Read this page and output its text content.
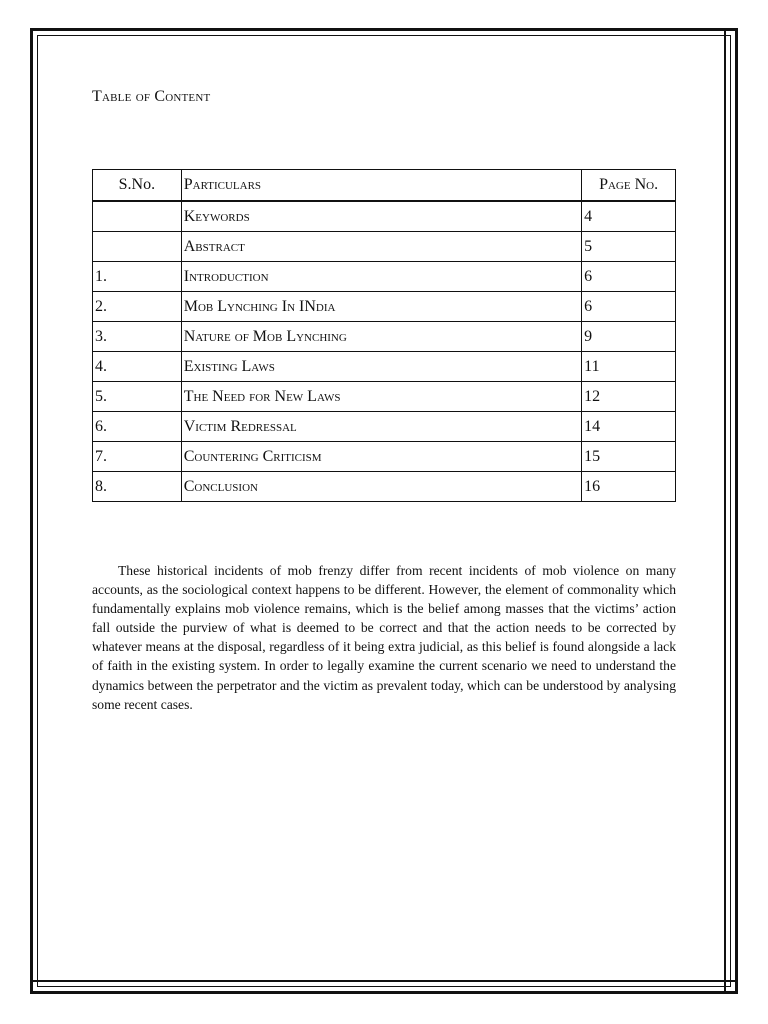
Table of Content
S.No.	Particulars	Page No.
	Keywords	4
	Abstract	5
1.	Introduction	6
2.	Mob Lynching In INdia	6
3.	Nature of Mob Lynching	9
4.	Existing Laws	11
5.	The Need for New Laws	12
6.	Victim Redressal	14
7.	Countering Criticism	15
8.	Conclusion	16

These historical incidents of mob frenzy differ from recent incidents of mob violence on many accounts, as the sociological context happens to be different. However, the element of commonality which fundamentally explains mob violence remains, which is the belief among masses that the victims’ action fall outside the purview of what is deemed to be correct and that the action needs to be corrected by whatever means at the disposal, regardless of it being extra judicial, as this belief is found alongside a lack of faith in the existing system. In order to legally examine the current scenario we need to understand the dynamics between the perpetrator and the victim as prevalent today, which can be understood by analysing some recent cases.
